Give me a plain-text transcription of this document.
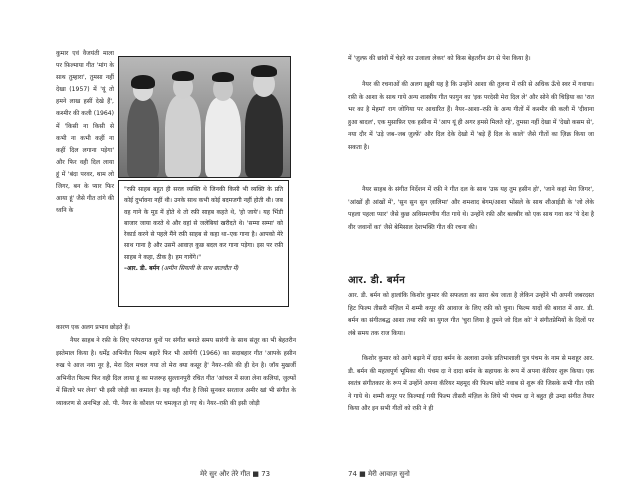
कुमार एवं वैजयंती माला पर फ़िल्माया गीत 'मांग के साथ तुम्हारा', तुमसा नहीं देखा (1957) में 'यूं तो हमने लाख हसीं देखे हैं', कश्मीर की कली (1964) में 'किसी ना किसी से कभी ना कभी कहीं ना कहीं दिल लगाना पड़ेगा' और फिर वही दिल लाया हूं में 'बंदा परवर, थाम लो जिगर, बन के प्यार फिर आया हूं' जैसे गीत तांगे की ध्वनि के

"रफ़ी साहब बहुत ही सरल व्यक्ति थे जिनकी किसी भी व्यक्ति के प्रति कोई दुर्भावना नहीं थी। उनके साथ कभी कोई बदमजगी नहीं होती थी। जब वह गाने के मूड में होते थे तो रफ़ी साहब कहते थे, 'हो जाये'। यह भिंडी बाजार जाया करते थे और वहां से जलेबियां खरीदते थे। 'सम्मा सम्मा' को रेकार्ड करने से पहले मैंने रफ़ी साहब से कहा था–एक गाना है। आपको मेरे साथ गाना है और उसमें आवाज़ कुछ बदल कर गाना पड़ेगा। इस पर रफ़ी साहब ने कहा, ठीक है। हम गायेंगे।"

–आर. डी. बर्मन (अमीन सियानी के साथ बातचीत में)

कारण एक अलग प्रभाव छोड़ते हैं।

नैयर साहब ने रफ़ी के लिए परंपरागत धुनों पर संगीत बनाते समय सारंगी के साथ संतूर का भी बेहतरीन इस्तेमाल किया है। धर्मेंद्र अभिनीत फिल्म बहारें फिर भी आयेंगी (1966) का सदाबहार गीत 'आपके हसीन रुख पे आज नया नूर है, मेरा दिल मचल गया तो मेरा क्या कसूर है' नैयर–रफ़ी की ही देन है। जॉय मुखर्जी अभिनीत फिल्म फिर वही दिल लाया हूं का मजरूह सुल्तानपुरी रचित गीत 'आंचल में सजा लेना कलियां, जुल्फों में सितारे भर लेना' भी इसी जोड़ी का कमाल है। यह वही गीत है जिसे सुनकर सरताज अमीर खां भी संगीत के व्याकरण से अनभिज्ञ ओ. पी. नैयर के कौशल पर चमत्कृत हो गए थे। नैयर–रफ़ी की इसी जोड़ी

मेरे सुर और तेरे गीत ■ 73

में 'ज़ुल्फ़ की छांवों में चेहरे का उजाला लेकर' को किस बेहतरीन ढंग से पेश किया है।

नैयर की रचनाओं की अलग ख़ूबी यह है कि उन्होंने आशा की तुलना में रफ़ी से अधिक ऊँचे स्वर में गवाया। रफ़ी के आशा के साथ गाये अन्य शास्त्रीय गीत फागुन का 'इक परदेसी मेरा दिल ले' और सोने की चिड़िया का 'रात भर का है मेहमां' राग जोगिया पर आधारित हैं। नैयर–आशा–रफ़ी के अन्य गीतों में कश्मीर की कली में 'दीवाना हुआ बादल', एक मुसाफ़िर एक हसीना में 'आप यूं ही अगर हमसे मिलते रहे', तुमसा नहीं देखा में 'देखो कसम से', नया दौर में 'उड़े जब–जब ज़ुल्फ़ें' और दिल देके देखो में 'बड़े हैं दिल के काले' जैसे गीतों का ज़िक्र किया जा सकता है।

नैयर साहब के संगीत निर्देशन में रफ़ी ने गीत दल के साथ 'उफ़ यह तुम हसीन हो', 'जाने कहां मेरा जिगर', 'आंखों ही आंखों में', 'सुन सुन सुन ज़ालिमा' और शमशाद बेगम/आशा भोंसले के साथ शीआईडी के 'जो लेके पहला पहला प्यार' जैसे कुछ अविस्मरणीय गीत गाये थे। उन्होंने रफ़ी और बलबीर को एक साथ गवा कर 'ये देश है वीर जवानों का' जैसे बेमिसाल देशभक्ति गीत की रचना की।

आर. डी. बर्मन

आर. डी. बर्मन को हालांकि किशोर कुमार की सफलता का सारा श्रेय जाता है लेकिन उन्होंने भी अपनी जबरदस्त हिट फिल्म तीसरी मंज़िल में शम्मी कपूर की आवाज के लिए रफ़ी को चुना। फिल्म यादों की बारात में आर. डी. बर्मन का संगीतबद्ध आशा तथा रफ़ी का युगल गीत 'चुरा लिया है तुमने जो दिल को' ने संगीतप्रेमियों के दिलों पर लंबे समय तक राज किया।

किशोर कुमार को आगे बढ़ाने में दादा बर्मन के अलावा उनके प्रतिभाशाली पुत्र पंचम के नाम से मशहूर आर. डी. बर्मन की महत्वपूर्ण भूमिका थी। पंचम दा ने दादा बर्मन के सहायक के रूप में अपना कॅरियर शुरू किया। एक स्वतंत्र संगीतकार के रूप में उन्होंने अपना कॅरियर महमूद की फिल्म छोटे नवाब से शुरू की जिसके सभी गीत रफ़ी ने गाये थे। शम्मी कपूर पर फ़िल्माई गयी फिल्म तीसरी मंज़िल के लिये भी पंचम दा ने बहुत ही उम्दा संगीत तैयार किया और इन सभी गीतों को रफ़ी ने ही

74 ■ मेरी आवाज़ सुनो
